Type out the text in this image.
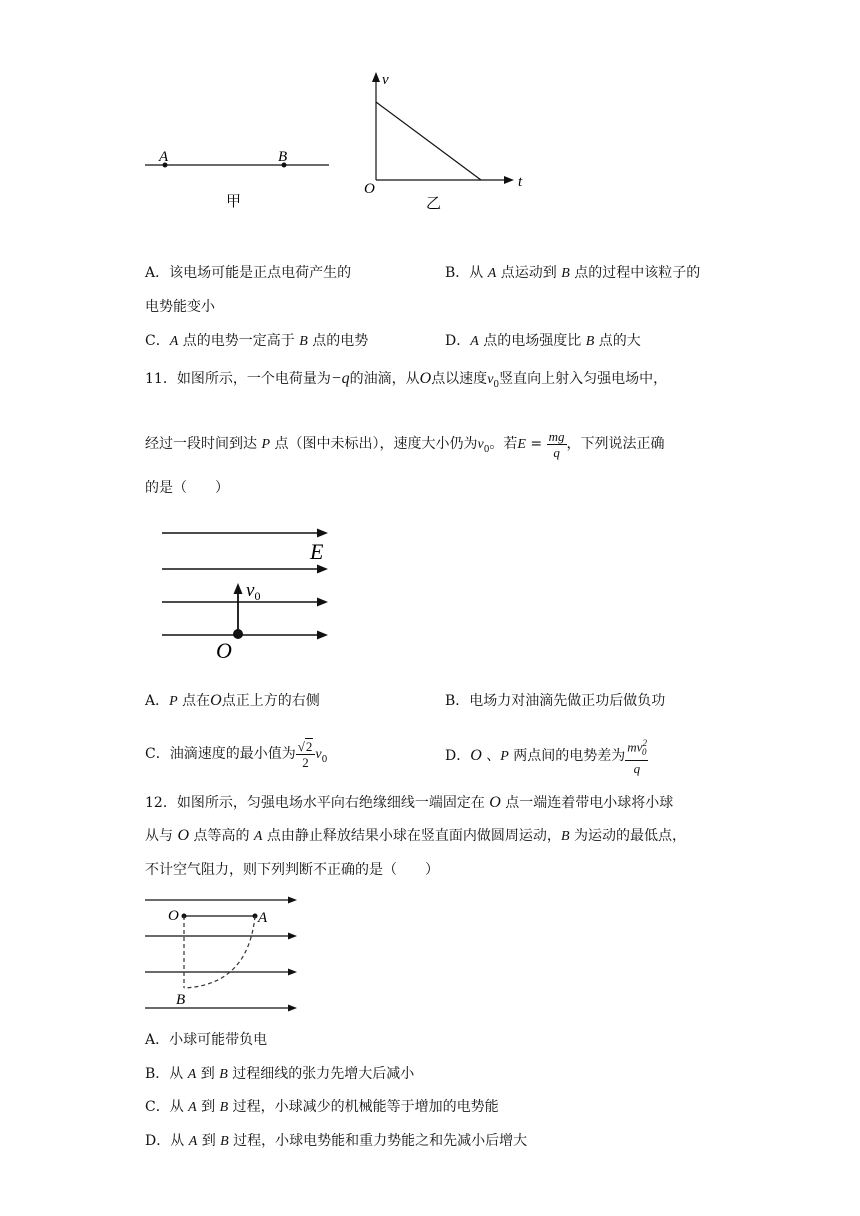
A	B
甲
v
t
O
乙
A．该电场可能是正点电荷产生的	B．从 A 点运动到 B 点的过程中该粒子的
电势能变小
C．A 点的电势一定高于 B 点的电势	D．A 点的电场强度比 B 点的大
11．如图所示，一个电荷量为−q的油滴，从O点以速度$v_0$竖直向上射入匀强电场中，
经过一段时间到达 P 点（图中未标出），速度大小仍为$v_0$。若$E = \frac{mg}{q}$ ，下列说法正确
的是（　　）
E
$v_0$
O
A．P 点在O点正上方的右侧	B．电场力对油滴先做正功后做负功
C．油滴速度的最小值为 $\frac{√2}{2} v_0$	D．O 、P 两点间的电势差为 $\frac{mv^2_0}{q}$
12．如图所示，匀强电场水平向右绝缘细线一端固定在 O 点一端连着带电小球将小球
从与 O 点等高的 A 点由静止释放结果小球在竖直面内做圆周运动，B 为运动的最低点，
不计空气阻力，则下列判断不正确的是（　　）
O	A
B
A．小球可能带负电
B．从 A 到 B 过程细线的张力先增大后减小
C．从 A 到 B 过程，小球减少的机械能等于增加的电势能
D．从 A 到 B 过程，小球电势能和重力势能之和先减小后增大
